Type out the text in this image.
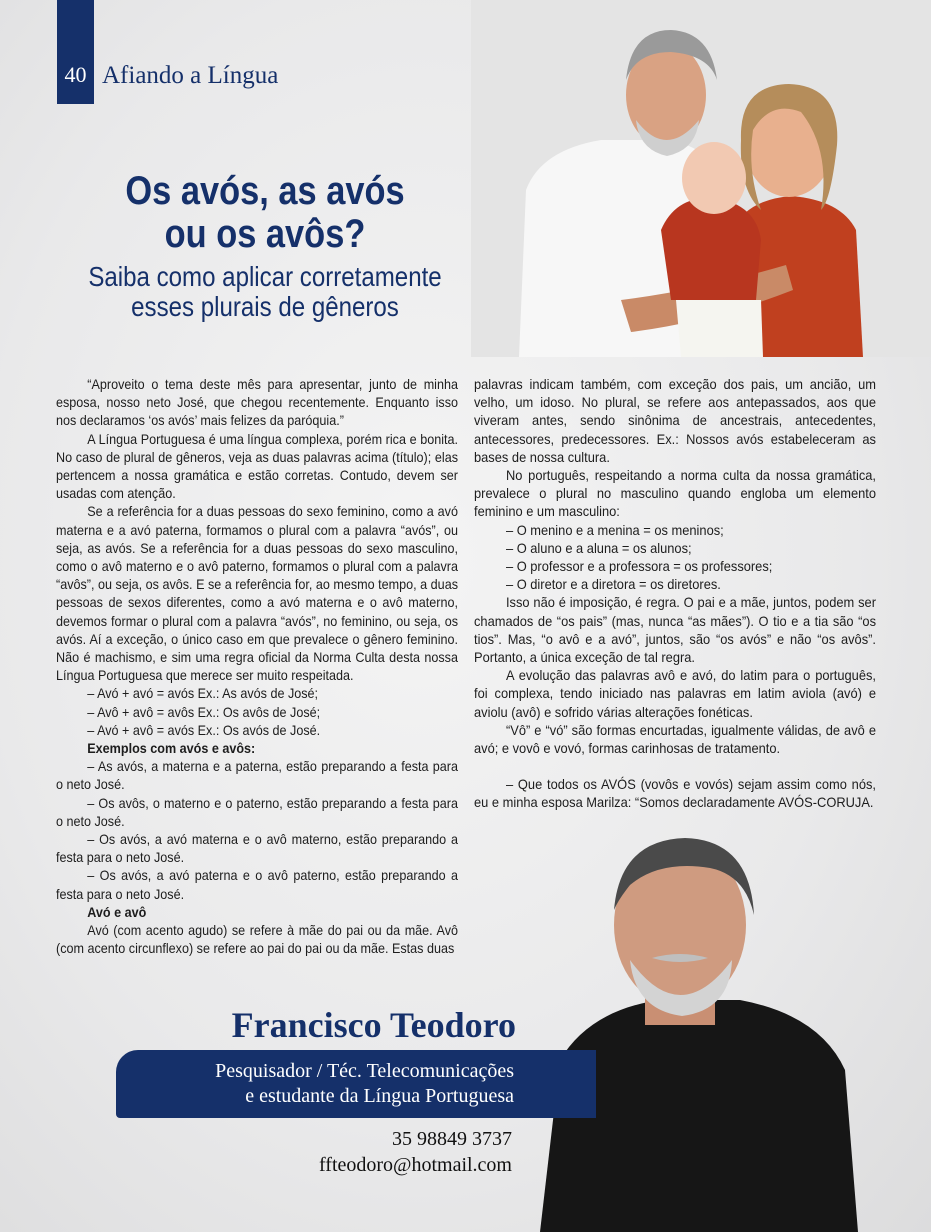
40 Afiando a Língua
Os avós, as avós
ou os avôs?
Saiba como aplicar corretamente
esses plurais de gêneros

“Aproveito o tema deste mês para apresentar, junto de minha esposa, nosso neto José, que chegou recentemente. Enquanto isso nos declaramos ‘os avós’ mais felizes da paróquia.”

A Língua Portuguesa é uma língua complexa, porém rica e bonita. No caso de plural de gêneros, veja as duas palavras acima (título); elas pertencem a nossa gramática e estão corretas. Contudo, devem ser usadas com atenção.

Se a referência for a duas pessoas do sexo feminino, como a avó materna e a avó paterna, formamos o plural com a palavra “avós”, ou seja, as avós. Se a referência for a duas pessoas do sexo masculino, como o avô materno e o avô paterno, formamos o plural com a palavra “avôs”, ou seja, os avôs. E se a referência for, ao mesmo tempo, a duas pessoas de sexos diferentes, como a avó materna e o avô materno, devemos formar o plural com a palavra “avós”, no feminino, ou seja, os avós. Aí a exceção, o único caso em que prevalece o gênero feminino. Não é machismo, e sim uma regra oficial da Norma Culta desta nossa Língua Portuguesa que merece ser muito respeitada.

– Avó + avó = avós Ex.: As avós de José;

– Avô + avô = avôs Ex.: Os avôs de José;

– Avó + avô = avós Ex.: Os avós de José.

Exemplos com avós e avôs:

– As avós, a materna e a paterna, estão preparando a festa para o neto José.

– Os avôs, o materno e o paterno, estão preparando a festa para o neto José.

– Os avós, a avó materna e o avô materno, estão preparando a festa para o neto José.

– Os avós, a avó paterna e o avô paterno, estão preparando a festa para o neto José.

Avó e avô

Avó (com acento agudo) se refere à mãe do pai ou da mãe. Avô (com acento circunflexo) se refere ao pai do pai ou da mãe. Estas duas

palavras indicam também, com exceção dos pais, um ancião, um velho, um idoso. No plural, se refere aos antepassados, aos que viveram antes, sendo sinônima de ancestrais, antecedentes, antecessores, predecessores. Ex.: Nossos avós estabeleceram as bases de nossa cultura.

No português, respeitando a norma culta da nossa gramática, prevalece o plural no masculino quando engloba um elemento feminino e um masculino:

– O menino e a menina = os meninos;

– O aluno e a aluna = os alunos;

– O professor e a professora = os professores;

– O diretor e a diretora = os diretores.

Isso não é imposição, é regra. O pai e a mãe, juntos, podem ser chamados de “os pais” (mas, nunca “as mães”). O tio e a tia são “os tios”. Mas, “o avô e a avó”, juntos, são “os avós” e não “os avôs”. Portanto, a única exceção de tal regra.

A evolução das palavras avô e avó, do latim para o português, foi complexa, tendo iniciado nas palavras em latim aviola (avó) e aviolu (avô) e sofrido várias alterações fonéticas.

“Vô” e “vó” são formas encurtadas, igualmente válidas, de avô e avó; e vovô e vovó, formas carinhosas de tratamento.

– Que todos os AVÓS (vovôs e vovós) sejam assim como nós, eu e minha esposa Marilza: “Somos declaradamente AVÓS-CORUJA.

Francisco Teodoro
Pesquisador / Téc. Telecomunicações
e estudante da Língua Portuguesa
35 98849 3737
ffteodoro@hotmail.com
